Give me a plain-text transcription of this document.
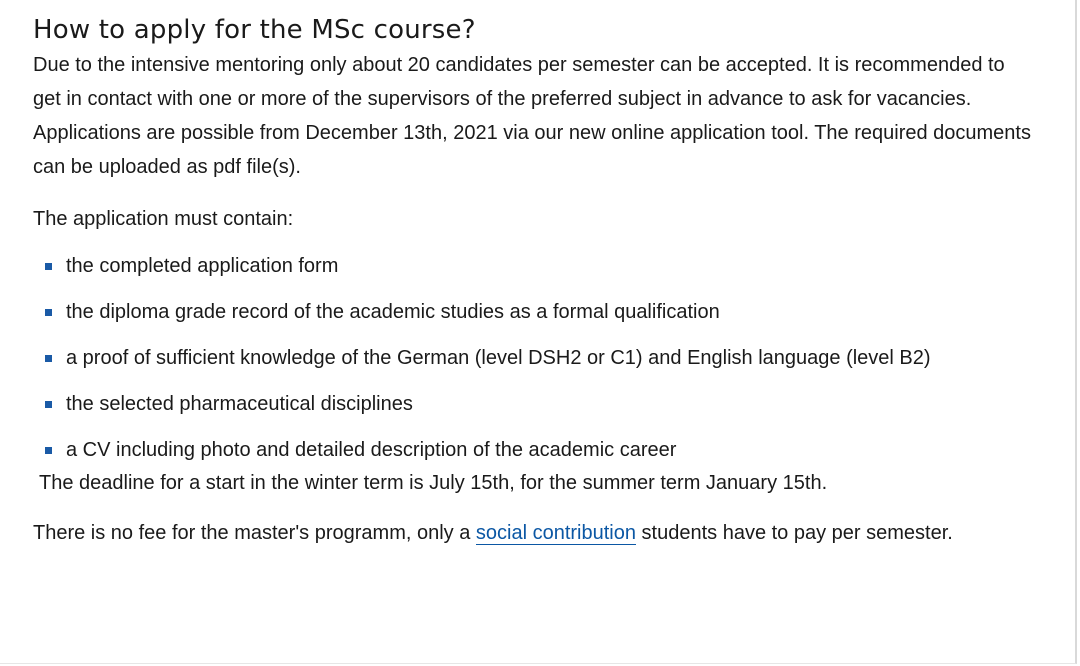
How to apply for the MSc course?

Due to the intensive mentoring only about 20 candidates per semester can be accepted. It is recommended to get in contact with one or more of the supervisors of the preferred subject in advance to ask for vacancies. Applications are possible from December 13th, 2021 via our new online application tool. The required documents can be uploaded as pdf file(s).

The application must contain:

the completed application form
the diploma grade record of the academic studies as a formal qualification
a proof of sufficient knowledge of the German (level DSH2 or C1) and English language (level B2)
the selected pharmaceutical disciplines
a CV including photo and detailed description of the academic career

The deadline for a start in the winter term is July 15th, for the summer term January 15th.

There is no fee for the master's programm, only a social contribution students have to pay per semester.
